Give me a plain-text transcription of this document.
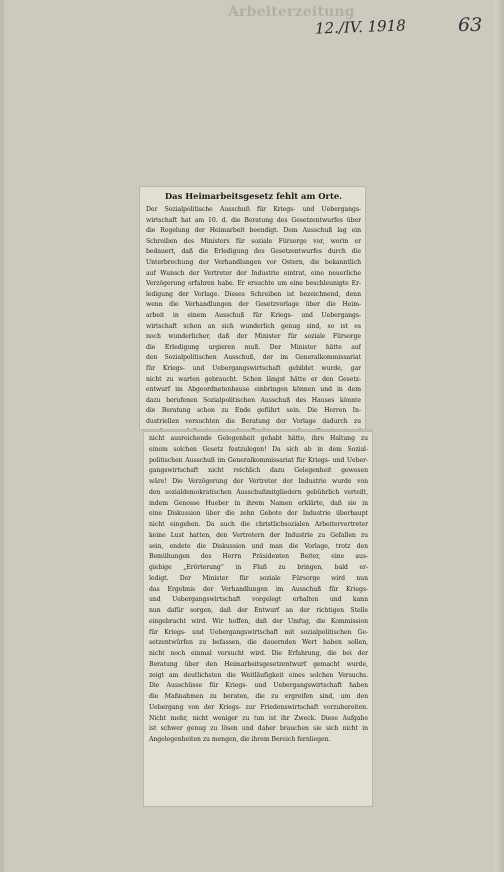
Arbeiterzeitung
12./IV. 1918	63
Das Heimarbeitsgesetz fehlt am Orte.
Der Sozialpolitische Ausschuß für Kriegs- und Uebergangs-
wirtschaft hat am 10. d. die Beratung des Gesetzentwurfes über
die Regelung der Heimarbeit beendigt. Dem Ausschuß lag ein
Schreiben des Ministers für soziale Fürsorge vor, worin er
bedauert, daß die Erledigung des Gesetzentwurfes durch die
Unterbrechung der Verhandlungen vor Ostern, die bekanntlich
auf Wunsch der Vertreter der Industrie eintrat, eine neuerliche
Verzögerung erfahren habe. Er ersuchte um eine beschleunigte Er-
ledigung der Vorlage. Dieses Schreiben ist bezeichnend, denn
wenn die Verhandlungen der Gesetzvorlage über die Heim-
arbeit in einem Ausschuß für Kriegs- und Uebergangs-
wirtschaft schon an sich wunderlich genug sind, so ist es
noch wunderlicher, daß der Minister für soziale Fürsorge
die Erledigung urgieren muß. Der Minister hätte auf
den Sozialpolitischen Ausschuß, der im Generalkommissariat
für Kriegs- und Uebergangswirtschaft gebildet wurde, gar
nicht zu warten gebraucht. Schon längst hätte er den Gesetz-
entwurf im Abgeordnetenhause einbringen können und in dem
dazu berufenen Sozialpolitischen Ausschuß des Hauses könnte
die Beratung schon zu Ende geführt sein. Die Herren In-
dustriellen versuchten die Beratung der Vorlage dadurch zu
nicht ausreichende Gelegenheit gehabt hätte, ihre Haltung zu
einem solchen Gesetz festzulegen! Da sich ab in dem Sozial-
politischen Ausschuß im Generalkommissariat für Kriegs- und Ueber-
gangswirtschaft nicht reichlich dazu Gelegenheit gewesen
wäre! Die Verzögerung der Vertreter der Industrie wurde von
den sozialdemokratischen Ausschußmitgliedern gebührlich verteilt,
indem Genosse Hueber in ihrem Namen erklärte, daß sie in
eine Diskussion über die zehn Gebote der Industrie überhaupt
nicht eingehen. Da auch die christlichsozialen Arbeitervertreter
keine Lust hatten, den Vertretern der Industrie zu Gefallen zu
sein, endete die Diskussion und man die Vorlage, trotz den
Bemühungen des Herrn Präsidenten Beiter, eine aus-
giebige „Erörterung“ in Fluß zu bringen, bald er-
ledigt. Der Minister für soziale Fürsorge wird nun
das Ergebnis der Verhandlungen im Ausschuß für Kriegs-
und Uebergangswirtschaft vorgelegt erhalten und kann
nun dafür sorgen, daß der Entwurf an der richtigen Stelle
eingebracht wird. Wir hoffen, daß der Umfug, die Kommission
für Kriegs- und Uebergangswirtschaft mit sozialpolitischen Ge-
setzentwürfen zu befassen, die dauernden Wert haben sollen,
nicht noch einmal versucht wird. Die Erfahrung, die bei der
Beratung über den Heimarbeitsgesetzentwurf gemacht wurde,
zeigt am deutlichsten die Weitläufigkeit eines solchen Versuchs.
Die Ausschüsse für Kriegs- und Uebergangswirtschaft haben
die Maßnahmen zu beraten, die zu ergreifen sind, um den
Uebergang von der Kriegs- zur Friedenswirtschaft vorzubereiten.
Nicht mehr, nicht weniger zu tun ist ihr Zweck. Diese Aufgabe
ist schwer genug zu lösen und daher brauchen sie sich nicht in
Angelegenheiten zu mengen, die ihrem Bereich fernliegen.
